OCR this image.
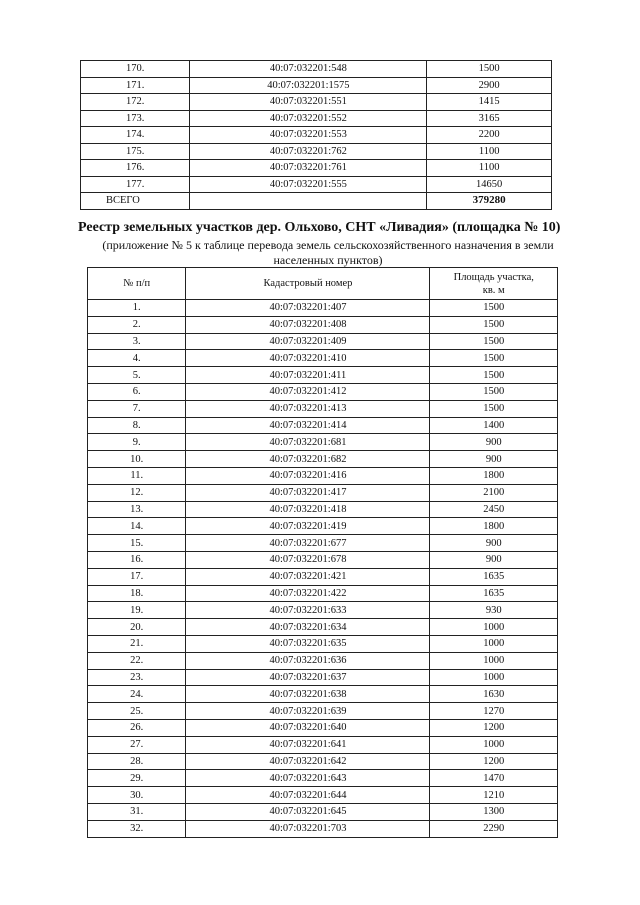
170.	40:07:032201:548	1500
171.	40:07:032201:1575	2900
172.	40:07:032201:551	1415
173.	40:07:032201:552	3165
174.	40:07:032201:553	2200
175.	40:07:032201:762	1100
176.	40:07:032201:761	1100
177.	40:07:032201:555	14650
ВСЕГО		379280
Реестр земельных участков дер. Ольхово, СНТ «Ливадия» (площадка № 10)
(приложение № 5 к таблице перевода земель сельскохозяйственного назначения в земли
населенных пунктов)
№ п/п	Кадастровый номер	Площадь участка,
кв. м

1.	40:07:032201:407	1500
2.	40:07:032201:408	1500
3.	40:07:032201:409	1500
4.	40:07:032201:410	1500
5.	40:07:032201:411	1500
6.	40:07:032201:412	1500
7.	40:07:032201:413	1500
8.	40:07:032201:414	1400
9.	40:07:032201:681	900
10.	40:07:032201:682	900
11.	40:07:032201:416	1800
12.	40:07:032201:417	2100
13.	40:07:032201:418	2450
14.	40:07:032201:419	1800
15.	40:07:032201:677	900
16.	40:07:032201:678	900
17.	40:07:032201:421	1635
18.	40:07:032201:422	1635
19.	40:07:032201:633	930
20.	40:07:032201:634	1000
21.	40:07:032201:635	1000
22.	40:07:032201:636	1000
23.	40:07:032201:637	1000
24.	40:07:032201:638	1630
25.	40:07:032201:639	1270
26.	40:07:032201:640	1200
27.	40:07:032201:641	1000
28.	40:07:032201:642	1200
29.	40:07:032201:643	1470
30.	40:07:032201:644	1210
31.	40:07:032201:645	1300
32.	40:07:032201:703	2290
